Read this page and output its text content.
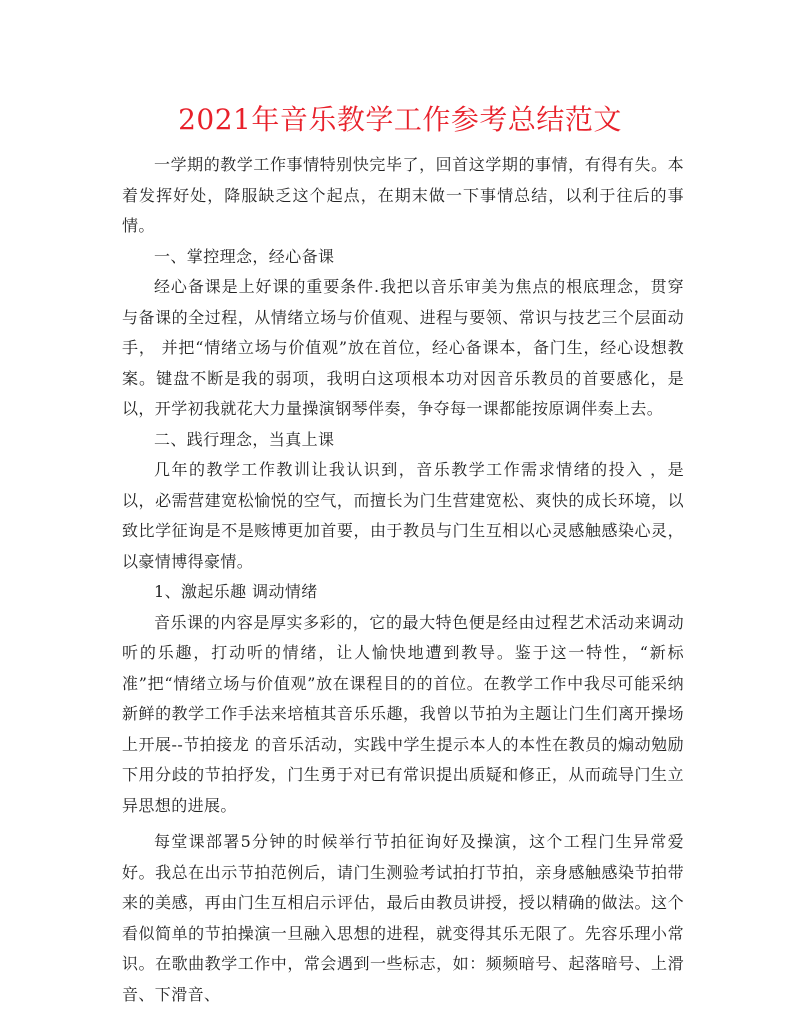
2021年音乐教学工作参考总结范文

一学期的教学工作事情特别快完毕了，回首这学期的事情，有得有失。本着发挥好处，降服缺乏这个起点，在期末做一下事情总结，以利于往后的事情。

一、掌控理念，经心备课

经心备课是上好课的重要条件.我把以音乐审美为焦点的根底理念，贯穿与备课的全过程，从情绪立场与价值观、进程与要领、常识与技艺三个层面动手， 并把“情绪立场与价值观”放在首位，经心备课本，备门生，经心设想教案。键盘不断是我的弱项，我明白这项根本功对因音乐教员的首要感化，是以，开学初我就花大力量操演钢琴伴奏，争夺每一课都能按原调伴奏上去。

二、践行理念，当真上课

几年的教学工作教训让我认识到，音乐教学工作需求情绪的投入 ，是以，必需营建宽松愉悦的空气，而擅长为门生营建宽松、爽快的成长环境，以致比学征询是不是赅博更加首要，由于教员与门生互相以心灵感触感染心灵，以豪情博得豪情。

1、激起乐趣 调动情绪

音乐课的内容是厚实多彩的，它的最大特色便是经由过程艺术活动来调动听的乐趣，打动听的情绪，让人愉快地遭到教导。鉴于这一特性，“新标准”把“情绪立场与价值观”放在课程目的的首位。在教学工作中我尽可能采纳新鲜的教学工作手法来培植其音乐乐趣，我曾以节拍为主题让门生们离开操场上开展--节拍接龙 的音乐活动，实践中学生提示本人的本性在教员的煽动勉励下用分歧的节拍抒发，门生勇于对已有常识提出质疑和修正，从而疏导门生立异思想的进展。

每堂课部署5分钟的时候举行节拍征询好及操演，这个工程门生异常爱好。我总在出示节拍范例后，请门生测验考试拍打节拍，亲身感触感染节拍带来的美感，再由门生互相启示评估，最后由教员讲授，授以精确的做法。这个看似简单的节拍操演一旦融入思想的进程，就变得其乐无限了。先容乐理小常识。在歌曲教学工作中，常会遇到一些标志，如：频频暗号、起落暗号、上滑音、下滑音、
